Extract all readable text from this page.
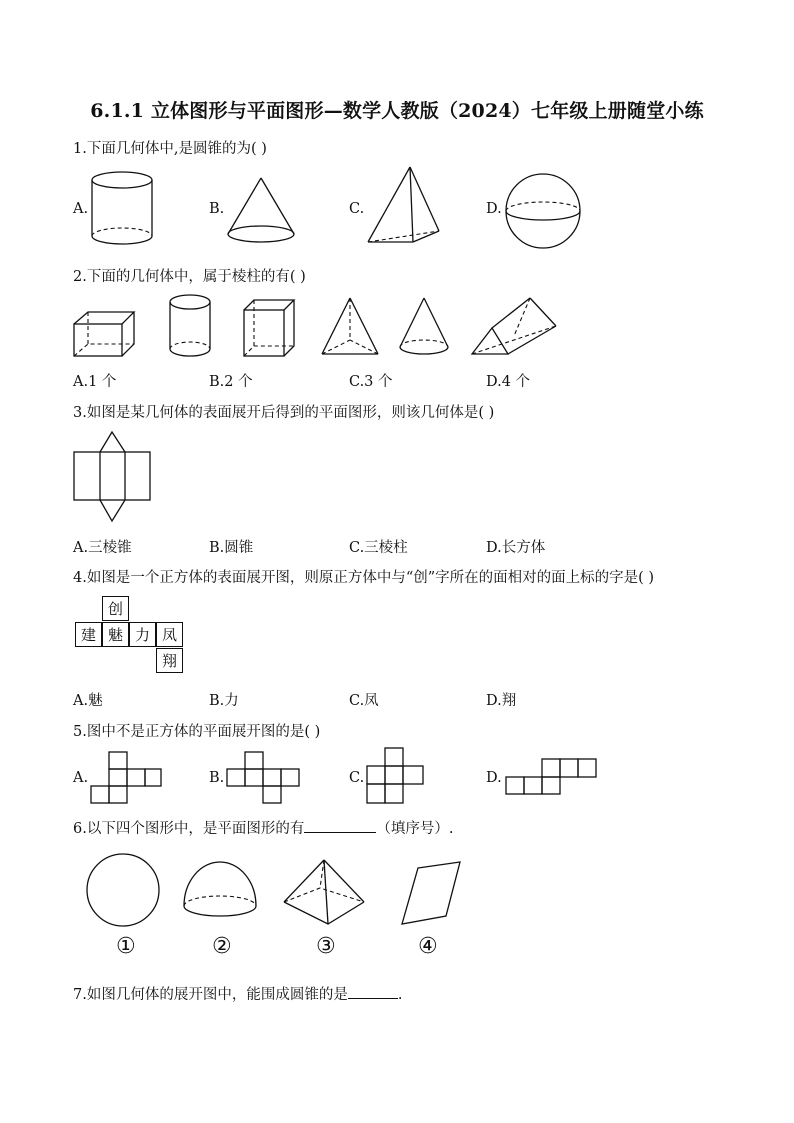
6.1.1 立体图形与平面图形—数学人教版（2024）七年级上册随堂小练
1.下面几何体中,是圆锥的为( )
A.	B.	C.	D.
2.下面的几何体中，属于棱柱的有( )
A.1 个	B.2 个	C.3 个	D.4 个
3.如图是某几何体的表面展开后得到的平面图形，则该几何体是( )
A.三棱锥	B.圆锥	C.三棱柱	D.长方体
4.如图是一个正方体的表面展开图，则原正方体中与“创”字所在的面相对的面上标的字是( )
创
建 魅 力 凤
翔
A.魅	B.力	C.凤	D.翔
5.图中不是正方体的平面展开图的是( )
A.	B.	C.	D.
6.以下四个图形中，是平面图形的有	（填序号）.
①	②	③	④
7.如图几何体的展开图中，能围成圆锥的是	.
